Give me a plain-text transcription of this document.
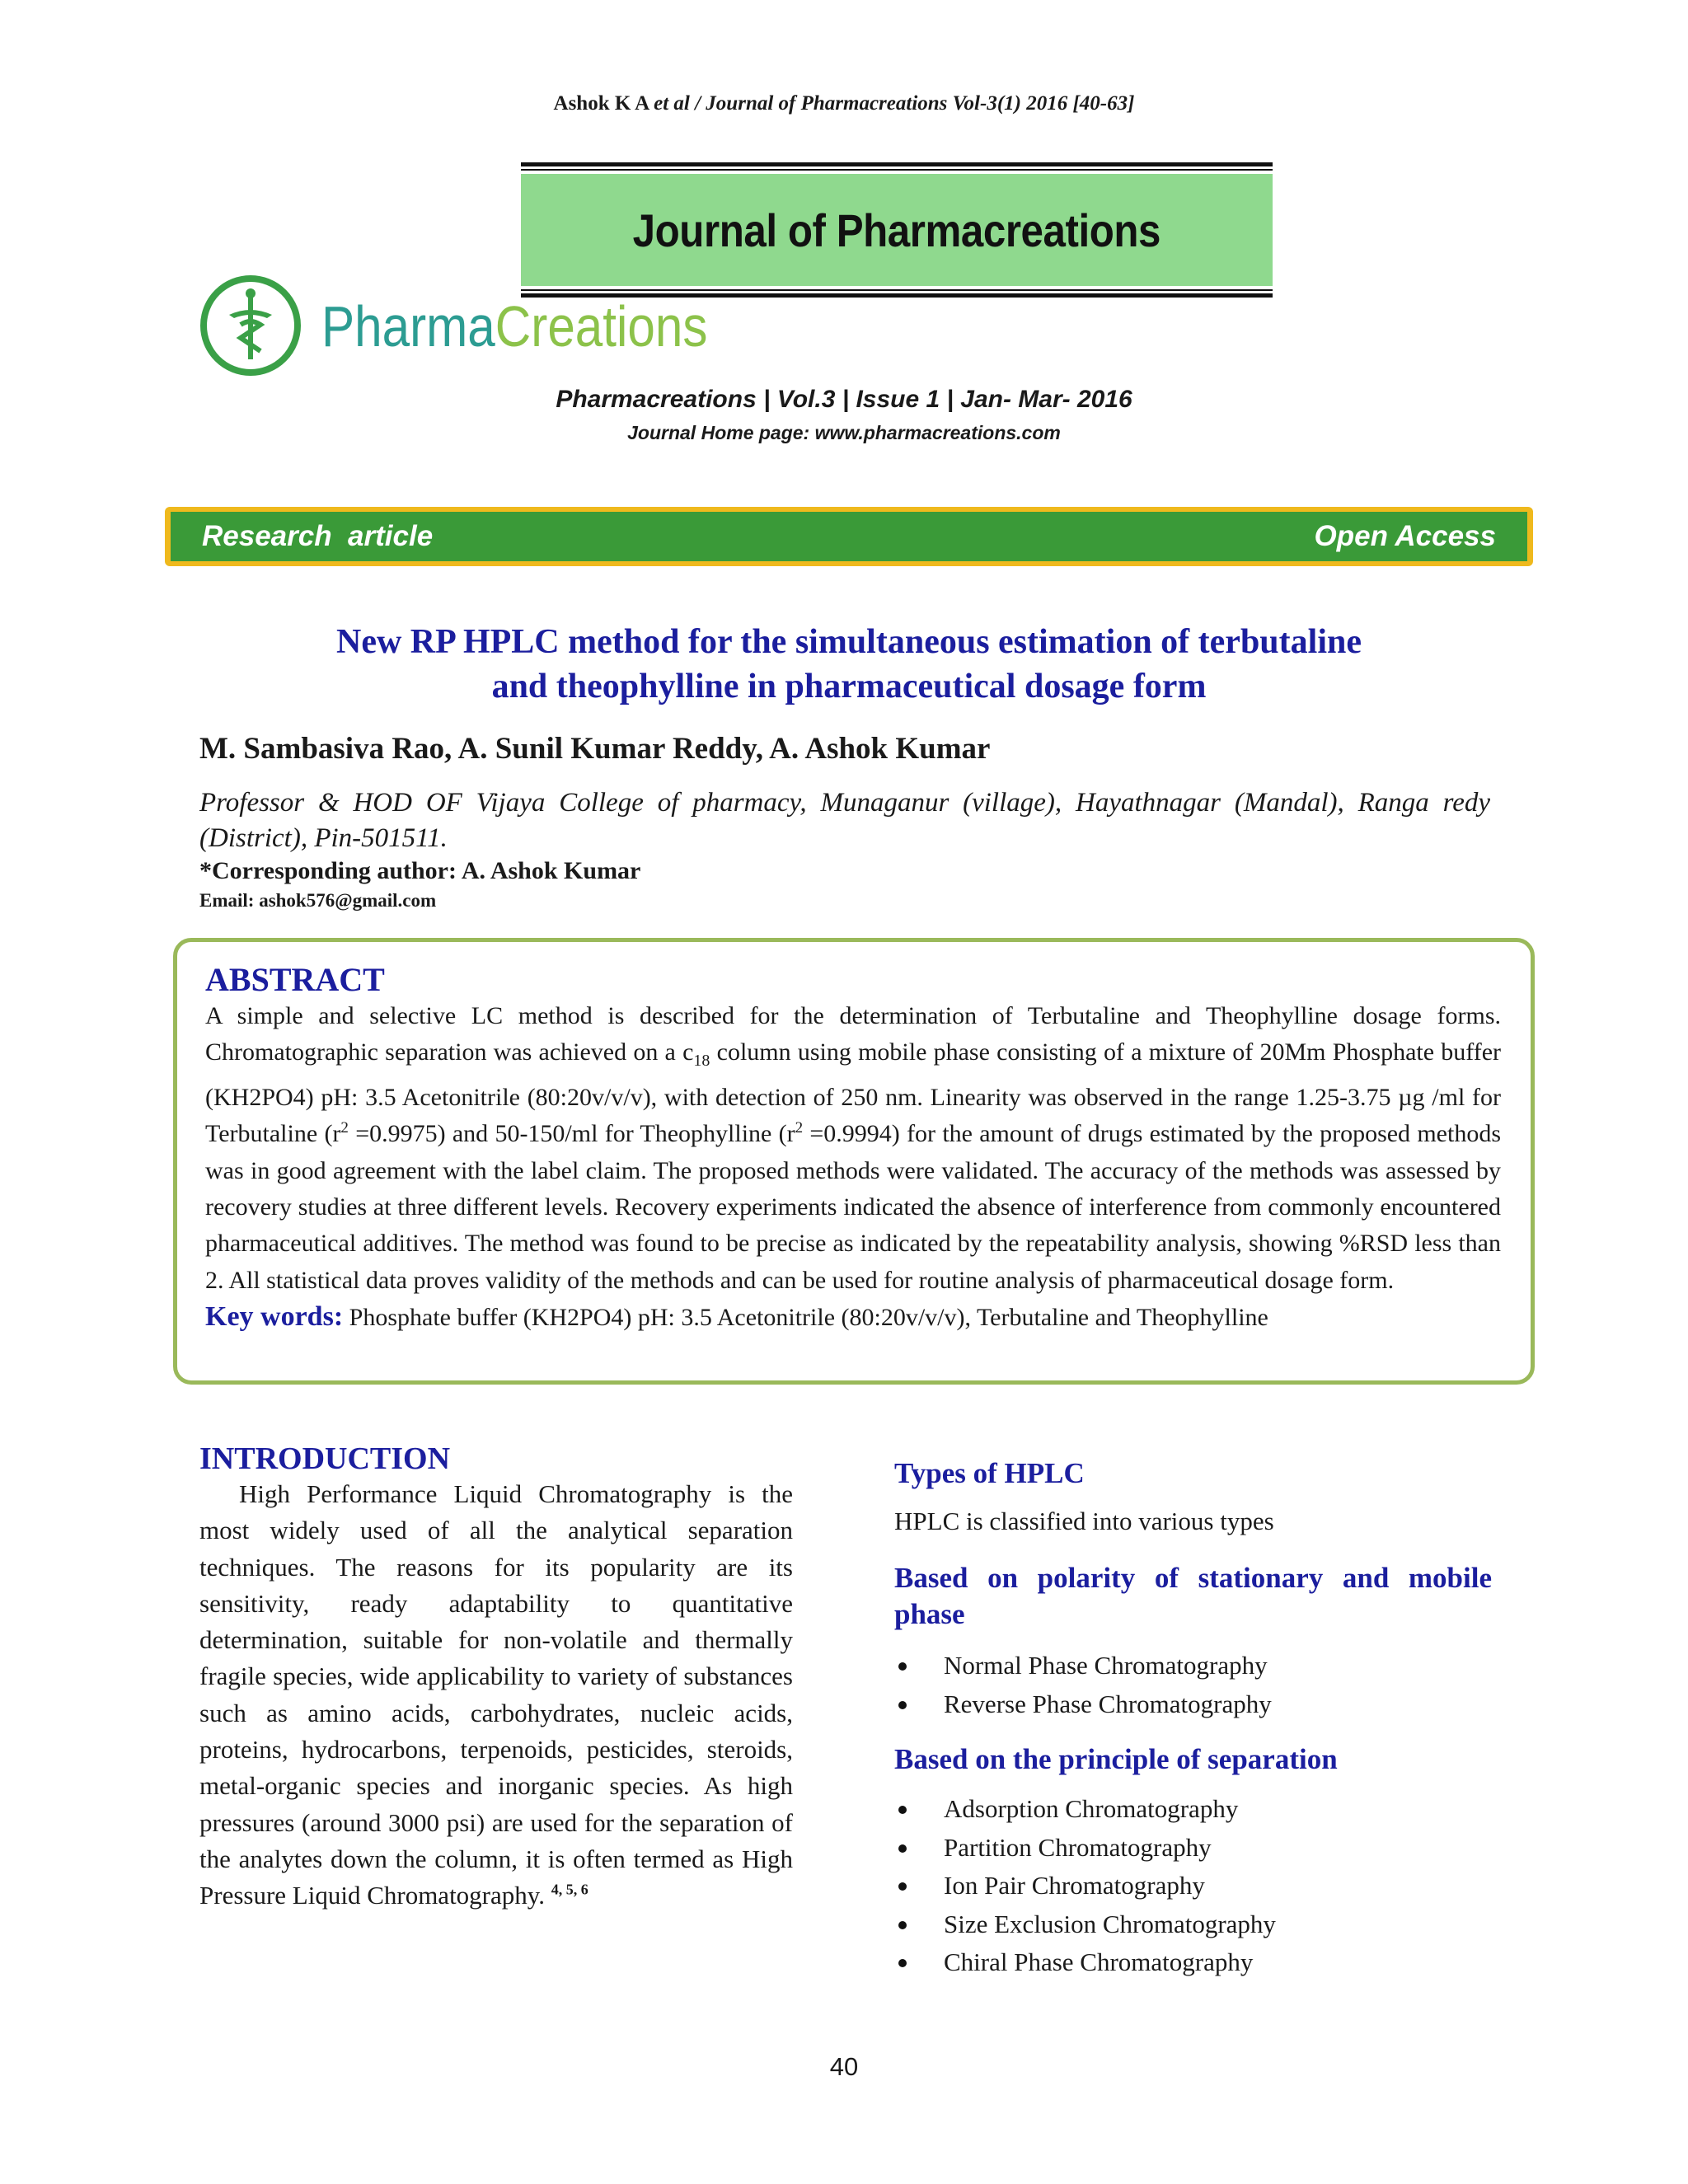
Ashok K A et al / Journal of Pharmacreations Vol-3(1) 2016 [40-63]
Journal of Pharmacreations
PharmaCreations
Pharmacreations | Vol.3 | Issue 1 | Jan- Mar- 2016
Journal Home page: www.pharmacreations.com
Research  article	Open Access
New RP HPLC method for the simultaneous estimation of terbutaline
and theophylline in pharmaceutical dosage form
M. Sambasiva Rao, A. Sunil Kumar Reddy, A. Ashok Kumar
Professor & HOD OF Vijaya College of pharmacy, Munaganur (village), Hayathnagar (Mandal), Ranga redy (District), Pin-501511.
*Corresponding author: A. Ashok Kumar
Email: ashok576@gmail.com
ABSTRACT
A simple and selective LC method is described for the determination of Terbutaline and Theophylline dosage forms. Chromatographic separation was achieved on a $c_{18}$ column using mobile phase consisting of a mixture of 20Mm Phosphate buffer (KH2PO4) pH: 3.5 Acetonitrile (80:20v/v/v), with detection of 250 nm. Linearity was observed in the range 1.25-3.75 µg /ml for Terbutaline $(r^2 =0.9975)$ and 50-150/ml for Theophylline $(r^2 =0.9994)$ for the amount of drugs estimated by the proposed methods was in good agreement with the label claim. The proposed methods were validated. The accuracy of the methods was assessed by recovery studies at three different levels. Recovery experiments indicated the absence of interference from commonly encountered pharmaceutical additives. The method was found to be precise as indicated by the repeatability analysis, showing %RSD less than 2. All statistical data proves validity of the methods and can be used for routine analysis of pharmaceutical dosage form.
Key words: Phosphate buffer (KH2PO4) pH: 3.5 Acetonitrile (80:20v/v/v), Terbutaline and Theophylline
INTRODUCTION
High Performance Liquid Chromatography is the most widely used of all the analytical separation techniques. The reasons for its popularity are its sensitivity, ready adaptability to quantitative determination, suitable for non-volatile and thermally fragile species, wide applicability to variety of substances such as amino acids, carbohydrates, nucleic acids, proteins, hydrocarbons, terpenoids, pesticides, steroids, metal-organic species and inorganic species. As high pressures (around 3000 psi) are used for the separation of the analytes down the column, it is often termed as High Pressure Liquid Chromatography. $^{4, 5, 6}$
Types of HPLC
HPLC is classified into various types
Based on polarity of stationary and mobile phase
Normal Phase Chromatography
Reverse Phase Chromatography
Based on the principle of separation
Adsorption Chromatography
Partition Chromatography
Ion Pair Chromatography
Size Exclusion Chromatography
Chiral Phase Chromatography
40
